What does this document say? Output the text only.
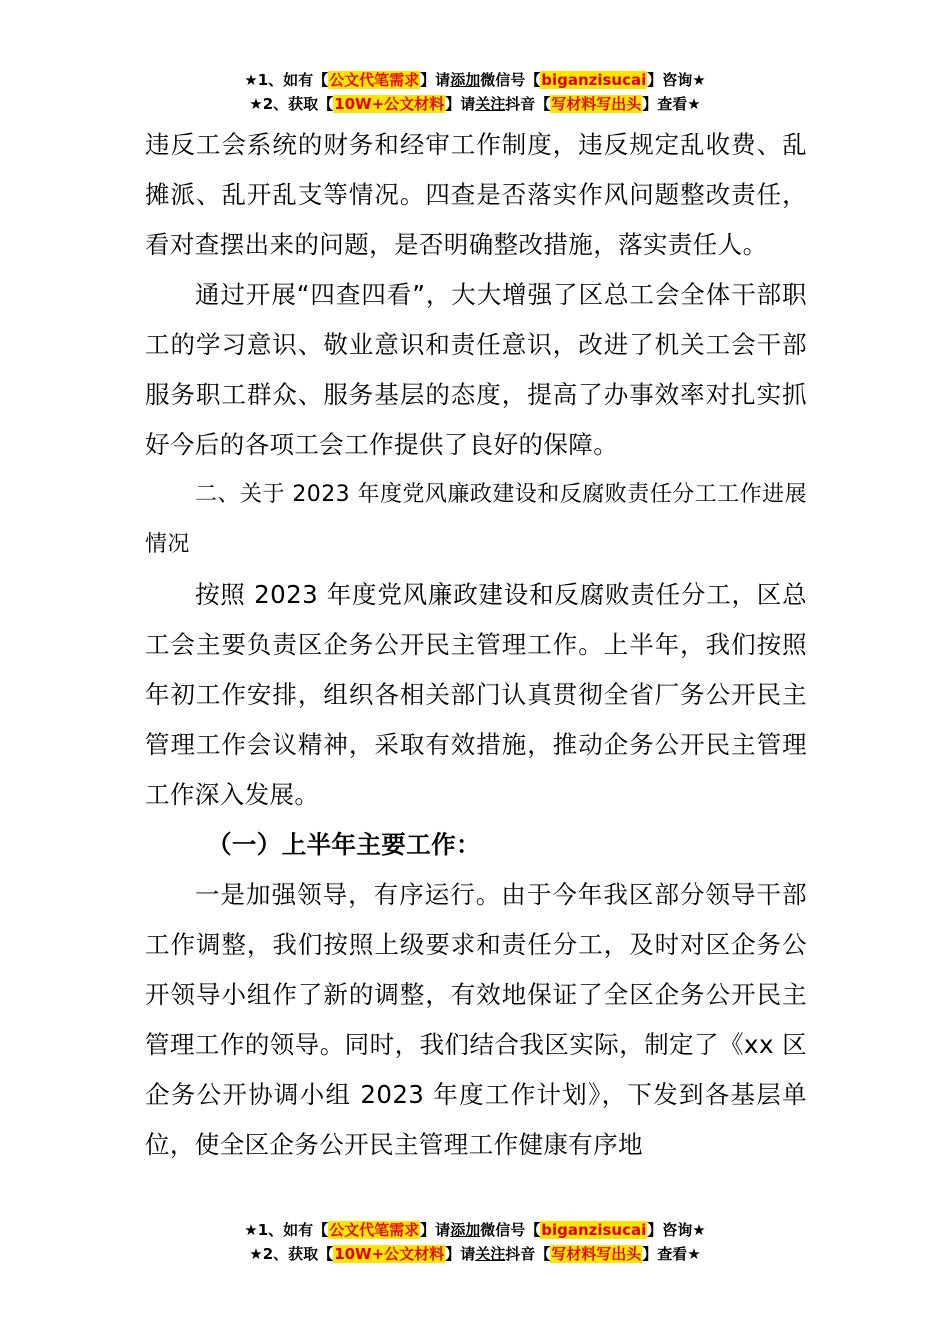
★1、如有【公文代笔需求】请添加微信号【biganzisucai】咨询★
★2、获取【10W+公文材料】请关注抖音【写材料写出头】查看★

违反工会系统的财务和经审工作制度，违反规定乱收费、乱摊派、乱开乱支等情况。四查是否落实作风问题整改责任，看对查摆出来的问题，是否明确整改措施，落实责任人。

通过开展“四查四看”，大大增强了区总工会全体干部职工的学习意识、敬业意识和责任意识，改进了机关工会干部服务职工群众、服务基层的态度，提高了办事效率对扎实抓好今后的各项工会工作提供了良好的保障。

二、关于 2023 年度党风廉政建设和反腐败责任分工工作进展情况

按照 2023 年度党风廉政建设和反腐败责任分工，区总工会主要负责区企务公开民主管理工作。上半年，我们按照年初工作安排，组织各相关部门认真贯彻全省厂务公开民主管理工作会议精神，采取有效措施，推动企务公开民主管理工作深入发展。

（一）上半年主要工作：

一是加强领导，有序运行。由于今年我区部分领导干部工作调整，我们按照上级要求和责任分工，及时对区企务公开领导小组作了新的调整，有效地保证了全区企务公开民主管理工作的领导。同时，我们结合我区实际，制定了《xx 区企务公开协调小组 2023 年度工作计划》，下发到各基层单位，使全区企务公开民主管理工作健康有序地

★1、如有【公文代笔需求】请添加微信号【biganzisucai】咨询★
★2、获取【10W+公文材料】请关注抖音【写材料写出头】查看★
